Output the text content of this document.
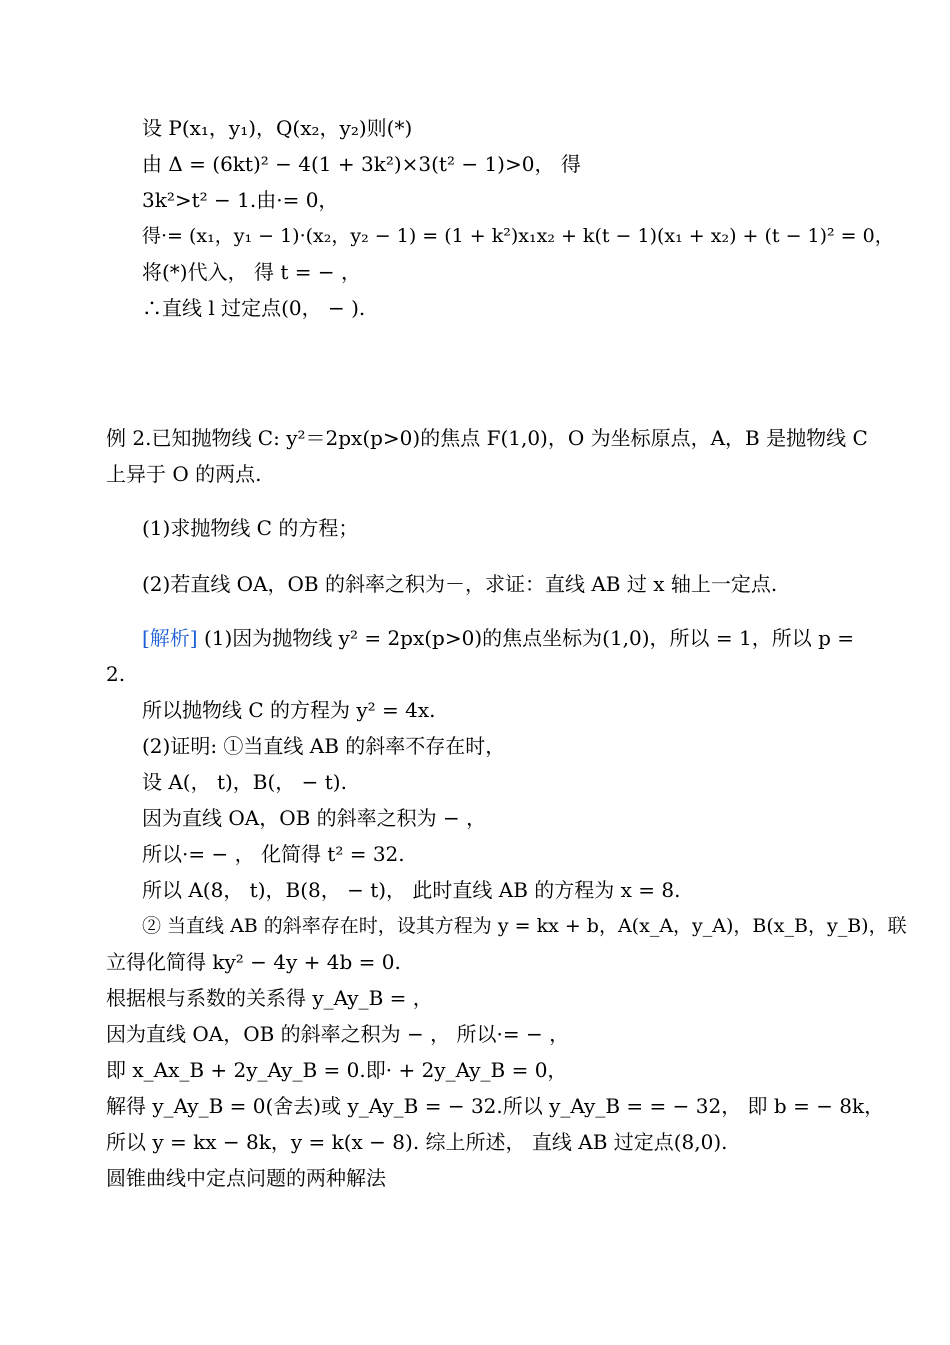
设 P(x₁，y₁)，Q(x₂，y₂)则(*)
由 Δ = (6kt)² − 4(1 + 3k²)×3(t² − 1)>0， 得
3k²>t² − 1.由·= 0，
得·= (x₁，y₁ − 1)·(x₂，y₂ − 1) = (1 + k²)x₁x₂ + k(t − 1)(x₁ + x₂) + (t − 1)² = 0，
将(*)代入， 得 t = − ，
∴直线 l 过定点(0， − ).
例 2.已知抛物线 C: y²＝2px(p>0)的焦点 F(1,0)，O 为坐标原点，A，B 是抛物线 C
上异于 O 的两点.
(1)求抛物线 C 的方程；
(2)若直线 OA，OB 的斜率之积为－，求证：直线 AB 过 x 轴上一定点.
[解析] (1)因为抛物线 y² = 2px(p>0)的焦点坐标为(1,0)，所以 = 1，所以 p =
2.
所以抛物线 C 的方程为 y² = 4x.
(2)证明: ①当直线 AB 的斜率不存在时，
设 A(， t)，B(， − t).
因为直线 OA，OB 的斜率之积为 − ，
所以·= − ， 化简得 t² = 32.
所以 A(8， t)，B(8， − t)， 此时直线 AB 的方程为 x = 8.
② 当直线 AB 的斜率存在时，设其方程为 y = kx + b，A(x_A，y_A)，B(x_B，y_B)，联
立得化简得 ky² − 4y + 4b = 0.
根据根与系数的关系得 y_Ay_B = ，
因为直线 OA，OB 的斜率之积为 − ， 所以·= − ，
即 x_Ax_B + 2y_Ay_B = 0.即· + 2y_Ay_B = 0，
解得 y_Ay_B = 0(舍去)或 y_Ay_B = − 32.所以 y_Ay_B = = − 32， 即 b = − 8k，
所以 y = kx − 8k，y = k(x − 8). 综上所述， 直线 AB 过定点(8,0).
圆锥曲线中定点问题的两种解法
